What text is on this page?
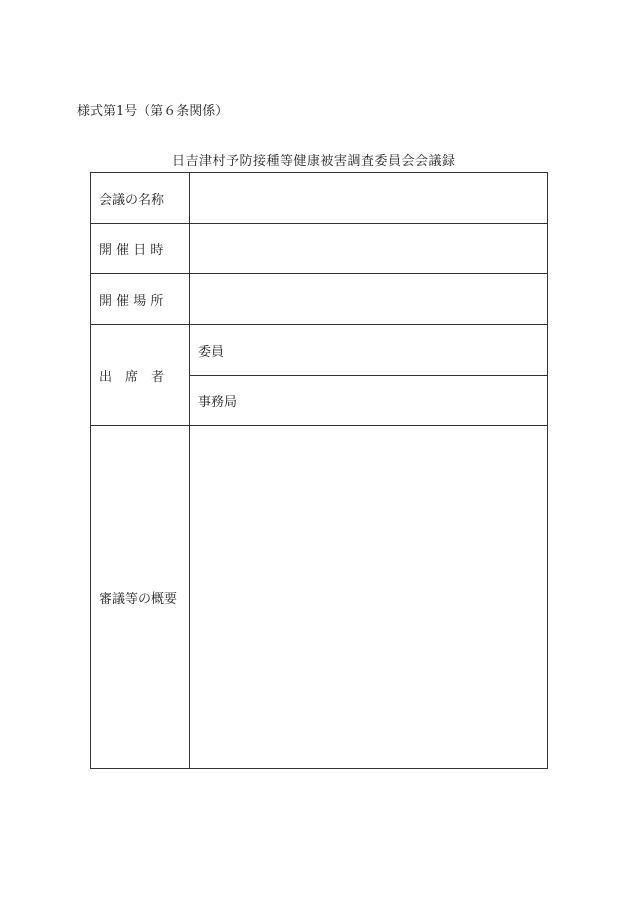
様式第1号（第６条関係）
日吉津村予防接種等健康被害調査委員会会議録
会議の名称	
開 催 日 時	
開 催 場 所	
出　席　者	委員
	事務局
審議等の概要	
